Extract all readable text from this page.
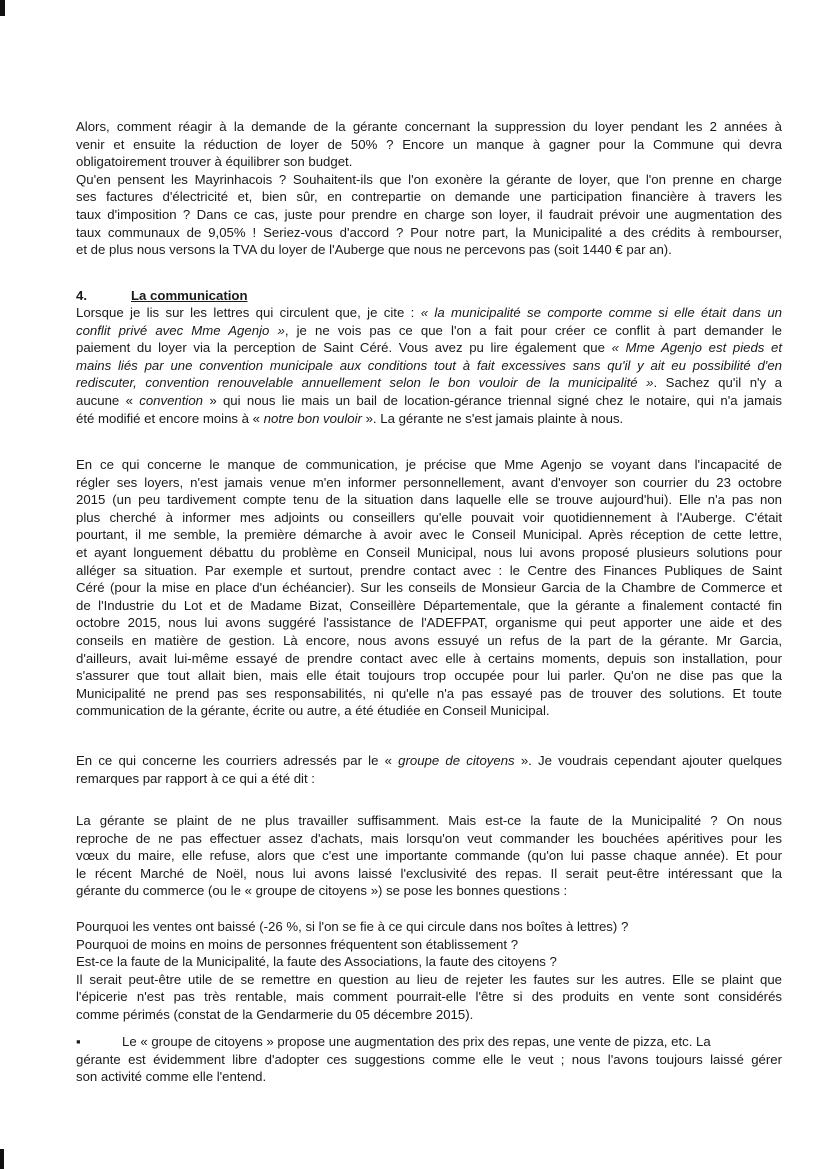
Alors, comment réagir à la demande de la gérante concernant la suppression du loyer pendant les 2 années à
venir et ensuite la réduction de loyer de 50% ? Encore un manque à gagner pour la Commune qui devra
obligatoirement trouver à équilibrer son budget.
Qu'en pensent les Mayrinhacois ? Souhaitent-ils que l'on exonère la gérante de loyer, que l'on prenne en charge
ses factures d'électricité et, bien sûr, en contrepartie on demande une participation financière à travers les
taux d'imposition ? Dans ce cas, juste pour prendre en charge son loyer, il faudrait prévoir une augmentation des
taux communaux de 9,05% ! Seriez-vous d'accord ? Pour notre part, la Municipalité a des crédits à rembourser,
et de plus nous versons la TVA du loyer de l'Auberge que nous ne percevons pas (soit 1440 € par an).
4.	La communication
Lorsque je lis sur les lettres qui circulent que, je cite : « la municipalité se comporte comme si elle était dans un
conflit privé avec Mme Agenjo », je ne vois pas ce que l'on a fait pour créer ce conflit à part demander le
paiement du loyer via la perception de Saint Céré. Vous avez pu lire également que « Mme Agenjo est pieds et
mains liés par une convention municipale aux conditions tout à fait excessives sans qu'il y ait eu possibilité d'en
rediscuter, convention renouvelable annuellement selon le bon vouloir de la municipalité ». Sachez qu'il n'y a
aucune « convention » qui nous lie mais un bail de location-gérance triennal signé chez le notaire, qui n'a jamais
été modifié et encore moins à « notre bon vouloir ». La gérante ne s'est jamais plainte à nous.
En ce qui concerne le manque de communication, je précise que Mme Agenjo se voyant dans l'incapacité de
régler ses loyers, n'est jamais venue m'en informer personnellement, avant d'envoyer son courrier du 23 octobre
2015 (un peu tardivement compte tenu de la situation dans laquelle elle se trouve aujourd'hui). Elle n'a pas non
plus cherché à informer mes adjoints ou conseillers qu'elle pouvait voir quotidiennement à l'Auberge. C'était
pourtant, il me semble, la première démarche à avoir avec le Conseil Municipal. Après réception de cette lettre,
et ayant longuement débattu du problème en Conseil Municipal, nous lui avons proposé plusieurs solutions pour
alléger sa situation. Par exemple et surtout, prendre contact avec : le Centre des Finances Publiques de Saint
Céré (pour la mise en place d'un échéancier). Sur les conseils de Monsieur Garcia de la Chambre de Commerce et
de l'Industrie du Lot et de Madame Bizat, Conseillère Départementale, que la gérante a finalement contacté fin
octobre 2015, nous lui avons suggéré l'assistance de l'ADEFPAT, organisme qui peut apporter une aide et des
conseils en matière de gestion. Là encore, nous avons essuyé un refus de la part de la gérante. Mr Garcia,
d'ailleurs, avait lui-même essayé de prendre contact avec elle à certains moments, depuis son installation, pour
s'assurer que tout allait bien, mais elle était toujours trop occupée pour lui parler. Qu'on ne dise pas que la
Municipalité ne prend pas ses responsabilités, ni qu'elle n'a pas essayé pas de trouver des solutions. Et toute
communication de la gérante, écrite ou autre, a été étudiée en Conseil Municipal.
En ce qui concerne les courriers adressés par le « groupe de citoyens ». Je voudrais cependant ajouter quelques
remarques par rapport à ce qui a été dit :
La gérante se plaint de ne plus travailler suffisamment. Mais est-ce la faute de la Municipalité ? On nous
reproche de ne pas effectuer assez d'achats, mais lorsqu'on veut commander les bouchées apéritives pour les
vœux du maire, elle refuse, alors que c'est une importante commande (qu'on lui passe chaque année). Et pour
le récent Marché de Noël, nous lui avons laissé l'exclusivité des repas. Il serait peut-être intéressant que la
gérante du commerce (ou le « groupe de citoyens ») se pose les bonnes questions :
Pourquoi les ventes ont baissé (-26 %, si l'on se fie à ce qui circule dans nos boîtes à lettres) ?
Pourquoi de moins en moins de personnes fréquentent son établissement ?
Est-ce la faute de la Municipalité, la faute des Associations, la faute des citoyens ?
Il serait peut-être utile de se remettre en question au lieu de rejeter les fautes sur les autres. Elle se plaint que
l'épicerie n'est pas très rentable, mais comment pourrait-elle l'être si des produits en vente sont considérés
comme périmés (constat de la Gendarmerie du 05 décembre 2015).
▪	Le « groupe de citoyens » propose une augmentation des prix des repas, une vente de pizza, etc. La
gérante est évidemment libre d'adopter ces suggestions comme elle le veut ; nous l'avons toujours laissé gérer
son activité comme elle l'entend.
